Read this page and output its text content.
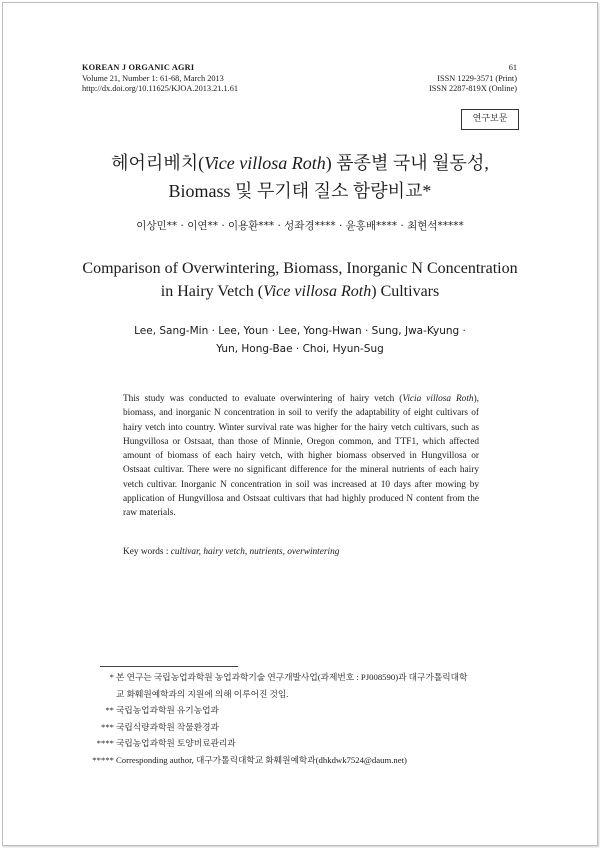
KOREAN J ORGANIC AGRI
Volume 21, Number 1: 61-68, March 2013
http://dx.doi.org/10.11625/KJOA.2013.21.1.61
61
ISSN 1229-3571 (Print)
ISSN 2287-819X (Online)
연구보문
헤어리베치(Vice villosa Roth) 품종별 국내 월동성,
Biomass 및 무기태 질소 함량비교*
이상민** · 이연** · 이용환*** · 성좌경**** · 윤홍배**** · 최현석*****
Comparison of Overwintering, Biomass, Inorganic N Concentration
in Hairy Vetch (Vice villosa Roth) Cultivars
Lee, Sang-Min · Lee, Youn · Lee, Yong-Hwan · Sung, Jwa-Kyung ·
Yun, Hong-Bae · Choi, Hyun-Sug
This study was conducted to evaluate overwintering of hairy vetch (Vicia villosa Roth), biomass, and inorganic N concentration in soil to verify the adaptability of eight cultivars of hairy vetch into country. Winter survival rate was higher for the hairy vetch cultivars, such as Hungvillosa or Ostsaat, than those of Minnie, Oregon common, and TTF1, which affected amount of biomass of each hairy vetch, with higher biomass observed in Hungvillosa or Ostsaat cultivar. There were no significant difference for the mineral nutrients of each hairy vetch cultivar. Inorganic N concentration in soil was increased at 10 days after mowing by application of Hungvillosa and Ostsaat cultivars that had highly produced N content from the raw materials.
Key words : cultivar, hairy vetch, nutrients, overwintering
* 본 연구는 국립농업과학원 농업과학기술 연구개발사업(과제번호 : PJ008590)과 대구가톨릭대학
교 화훼원예학과의 지원에 의해 이루어진 것임.
** 국립농업과학원 유기농업과
*** 국립식량과학원 작물환경과
**** 국립농업과학원 토양비료관리과
***** Corresponding author, 대구가톨릭대학교 화훼원예학과(dhkdwk7524@daum.net)
